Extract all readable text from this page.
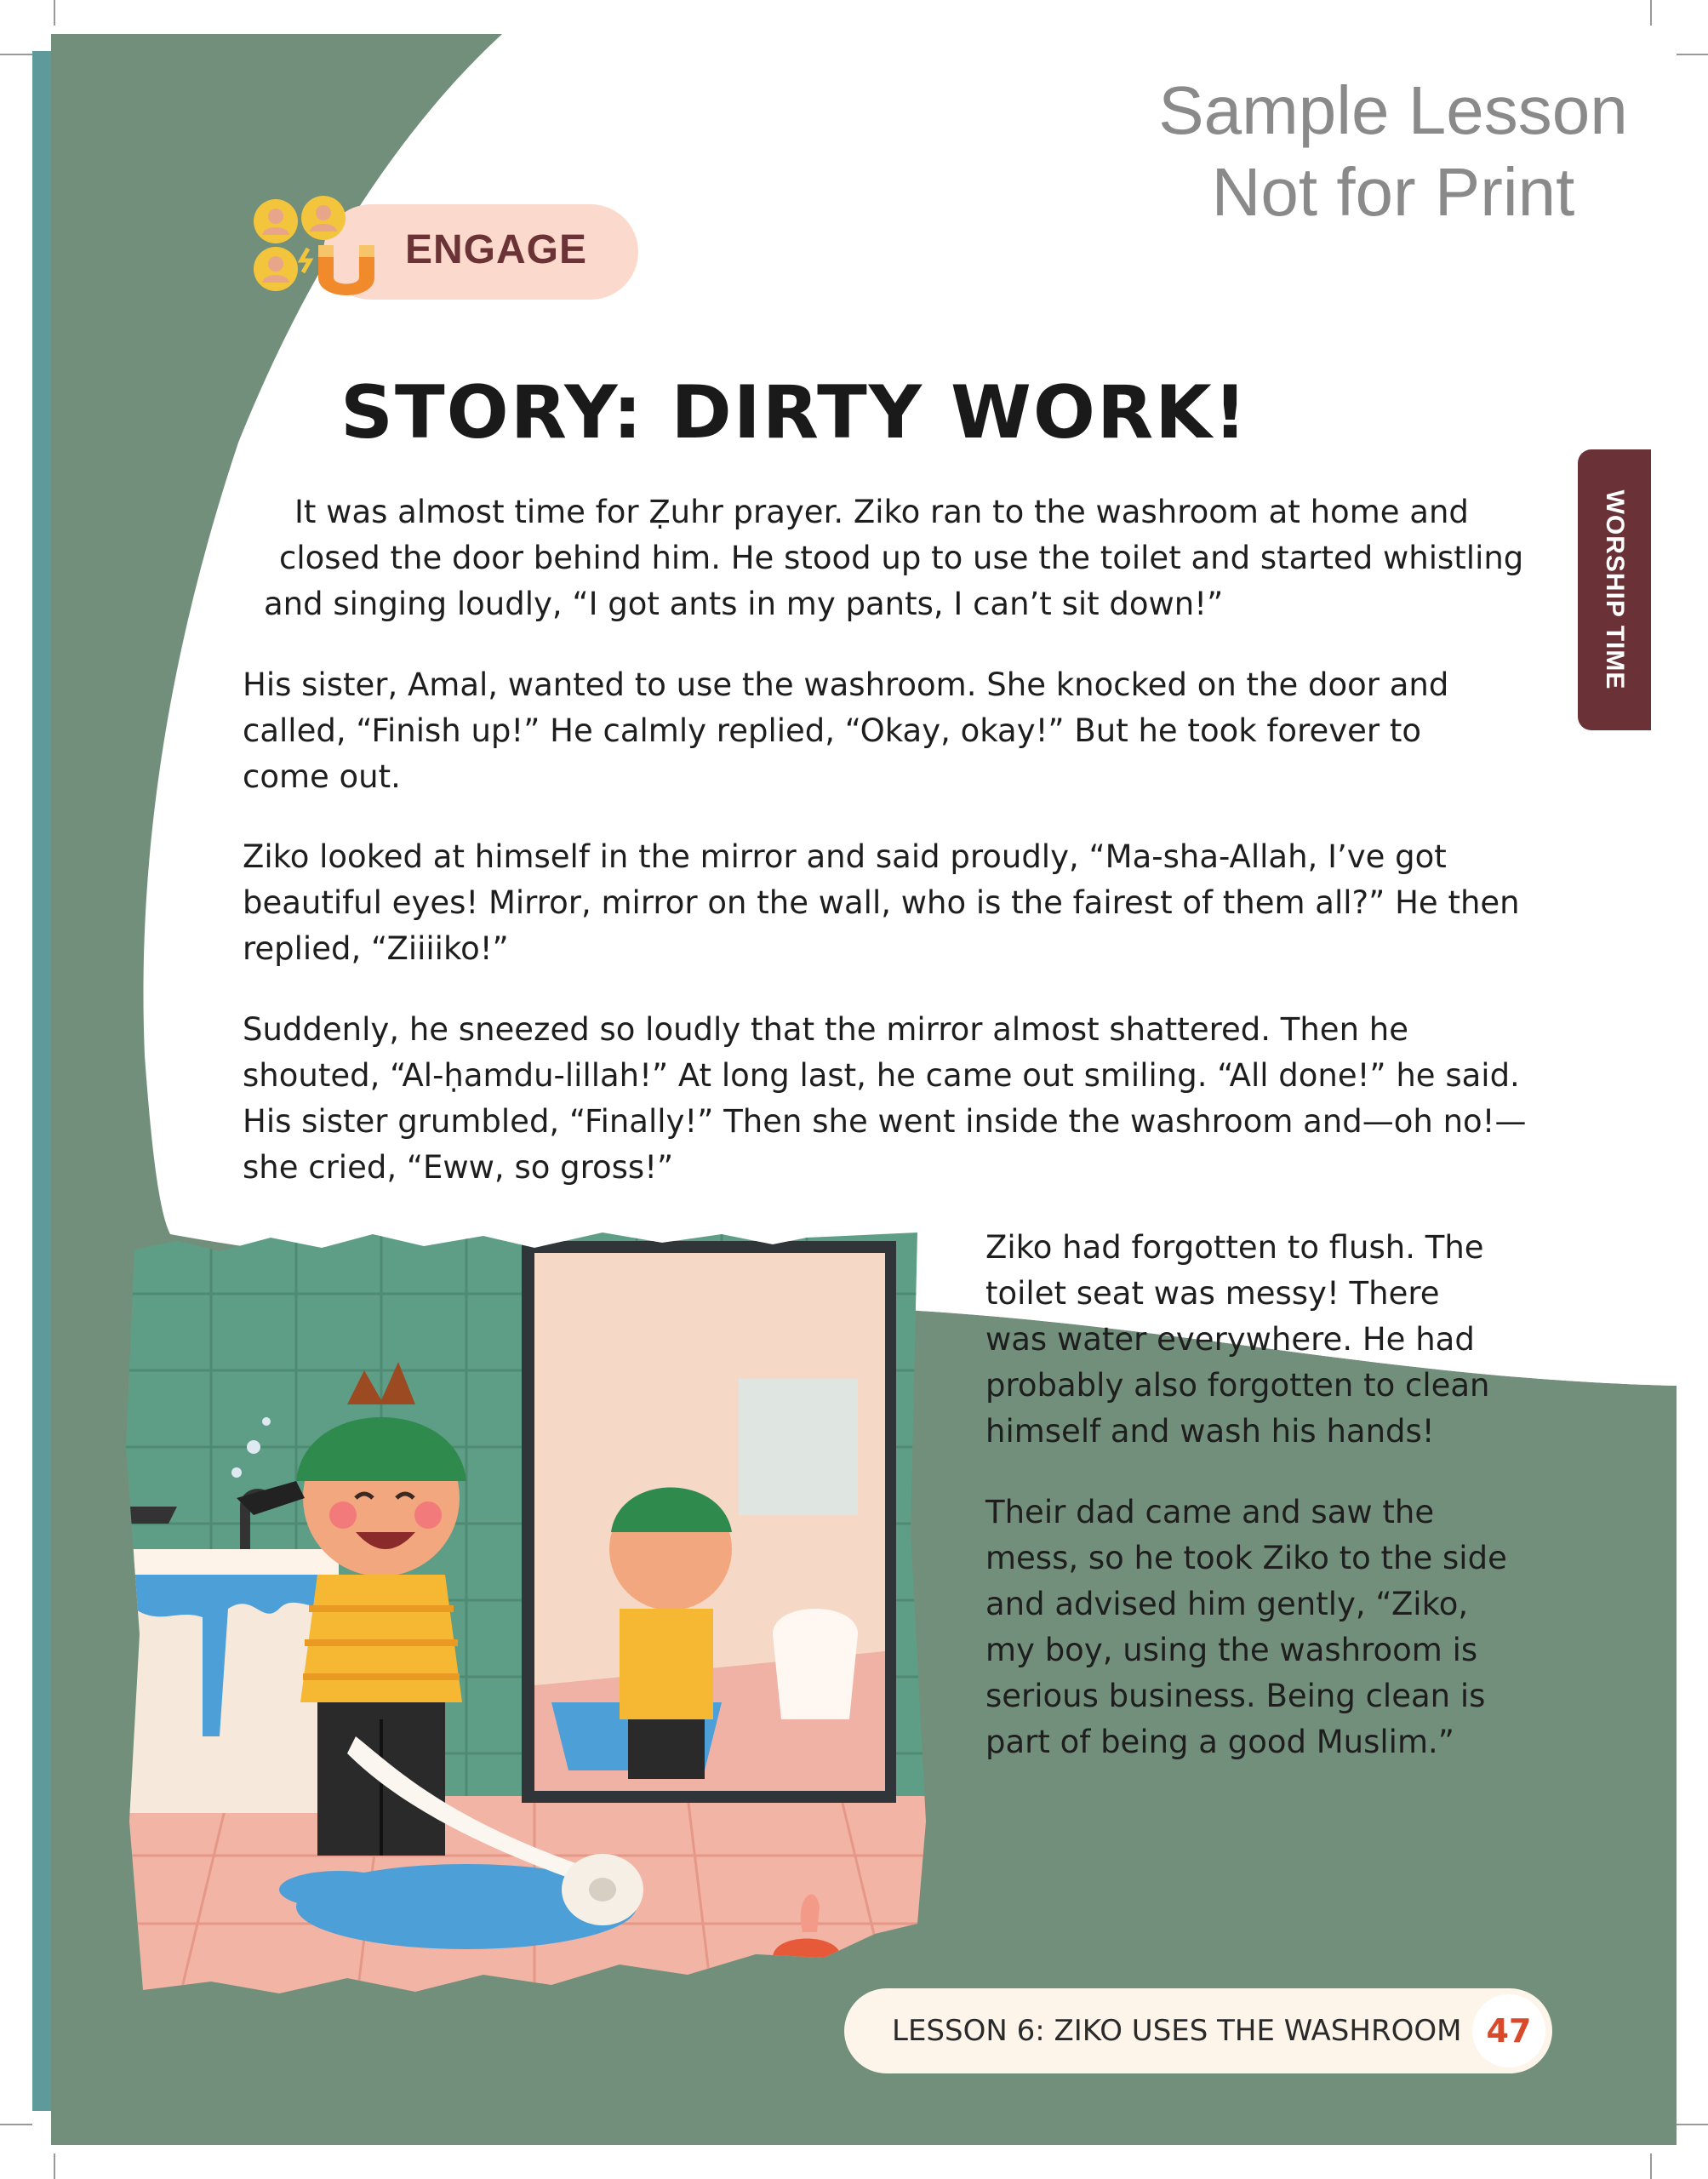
Sample Lesson
Not for Print
ENGAGE
STORY: DIRTY WORK!
WORSHIP TIME
It was almost time for Ẓuhr prayer. Ziko ran to the washroom at home and
closed the door behind him. He stood up to use the toilet and started whistling
and singing loudly, “I got ants in my pants, I can’t sit down!”
His sister, Amal, wanted to use the washroom. She knocked on the door and
called, “Finish up!” He calmly replied, “Okay, okay!” But he took forever to
come out.
Ziko looked at himself in the mirror and said proudly, “Ma-sha-Allah, I’ve got
beautiful eyes! Mirror, mirror on the wall, who is the fairest of them all?” He then
replied, “Ziiiiko!”
Suddenly, he sneezed so loudly that the mirror almost shattered. Then he
shouted, “Al-ḥamdu-lillah!” At long last, he came out smiling. “All done!” he said.
His sister grumbled, “Finally!” Then she went inside the washroom and—oh no!—
she cried, “Eww, so gross!”
Ziko had forgotten to flush. The
toilet seat was messy! There
was water everywhere. He had
probably also forgotten to clean
himself and wash his hands!
Their dad came and saw the
mess, so he took Ziko to the side
and advised him gently, “Ziko,
my boy, using the washroom is
serious business. Being clean is
part of being a good Muslim.”
LESSON 6: ZIKO USES THE WASHROOM 47
